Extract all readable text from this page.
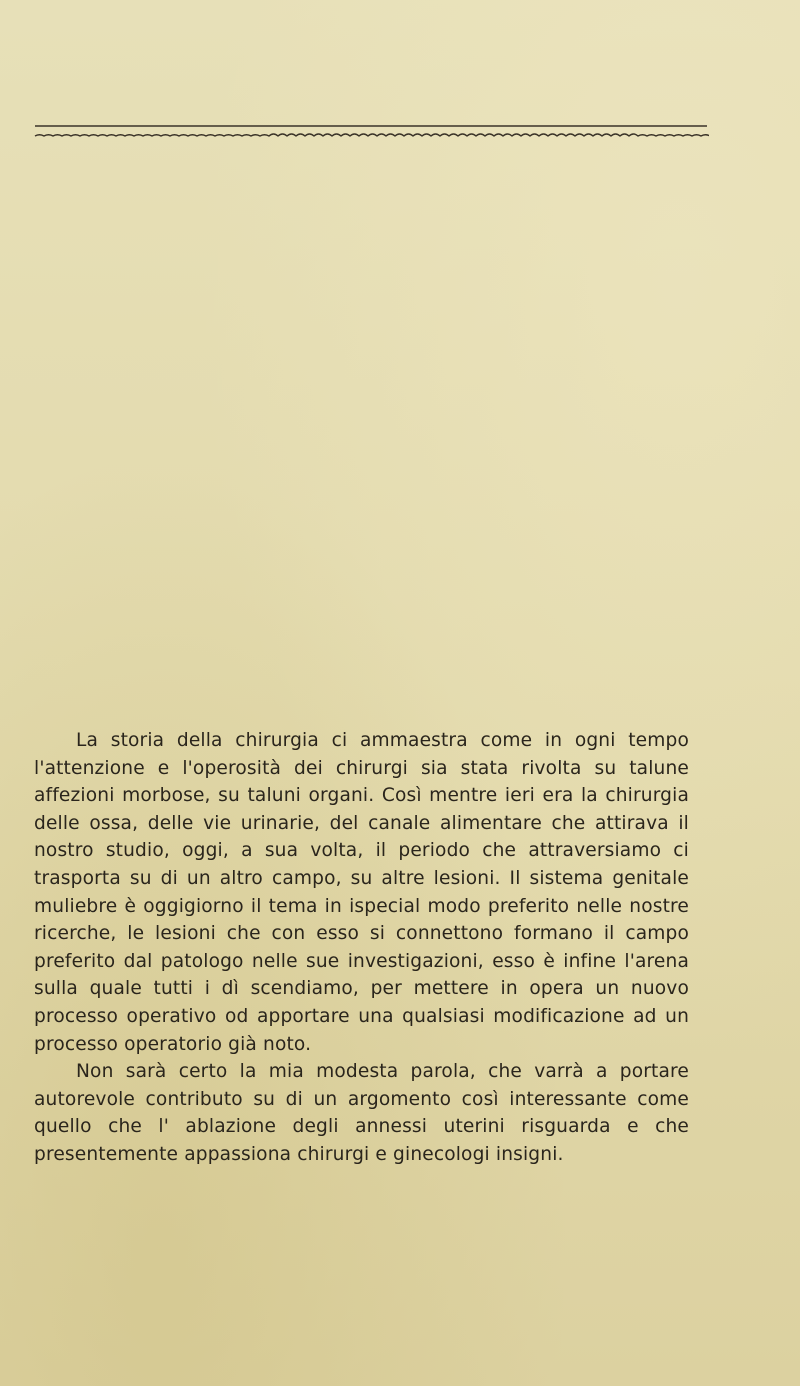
La storia della chirurgia ci ammaestra come in ogni tempo l'attenzione e l'operosità dei chirurgi sia stata rivolta su talune affezioni morbose, su taluni organi. Così mentre ieri era la chirurgia delle ossa, delle vie urinarie, del canale alimentare che attirava il nostro studio, oggi, a sua volta, il periodo che attraversiamo ci trasporta su di un altro campo, su altre lesioni. Il sistema genitale muliebre è oggigiorno il tema in ispecial modo preferito nelle nostre ricerche, le lesioni che con esso si connettono formano il campo preferito dal patologo nelle sue investigazioni, esso è infine l'arena sulla quale tutti i dì scendiamo, per mettere in opera un nuovo processo operativo od apportare una qualsiasi modificazione ad un processo operatorio già noto.

Non sarà certo la mia modesta parola, che varrà a portare autorevole contributo su di un argomento così interessante come quello che l' ablazione degli annessi uterini risguarda e che presentemente appassiona chirurgi e ginecologi insigni.
